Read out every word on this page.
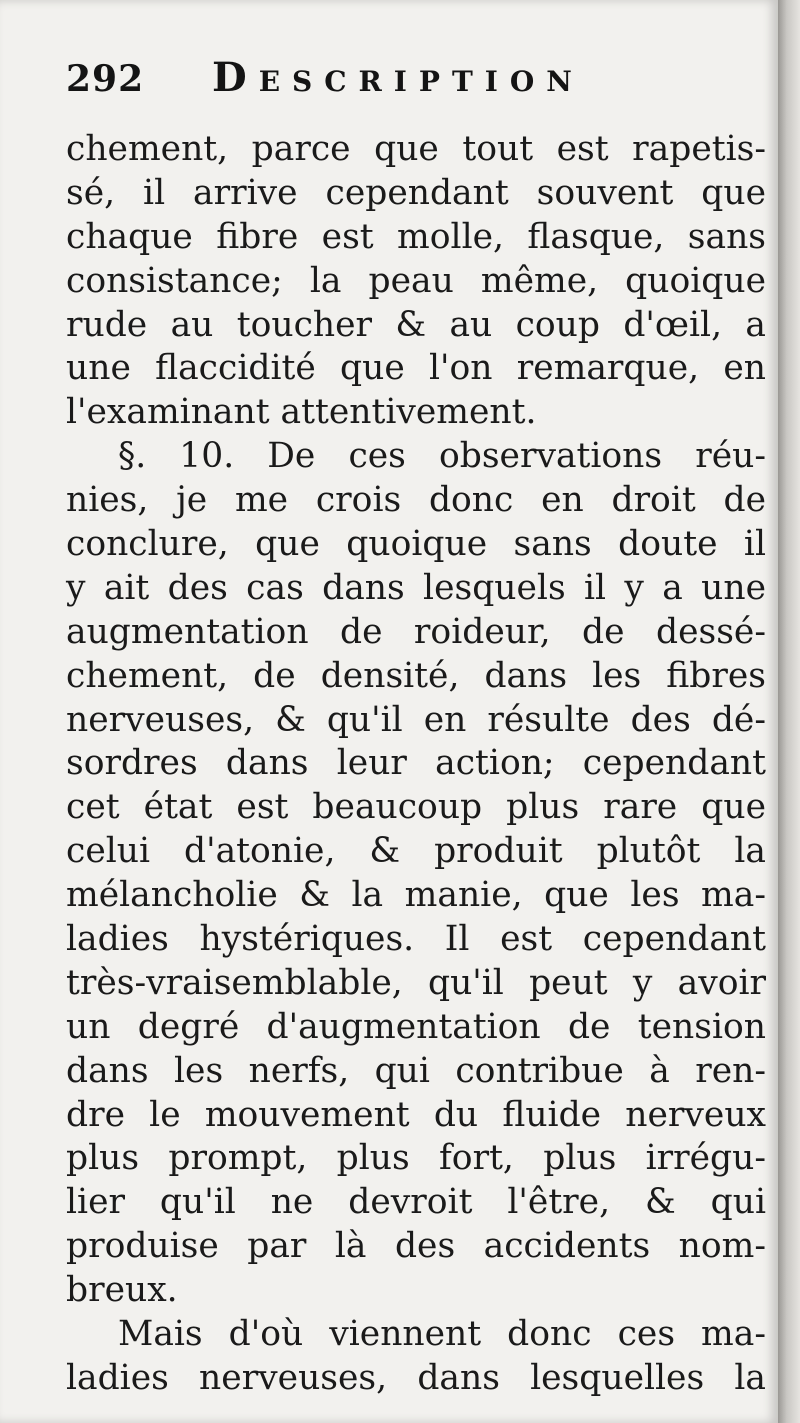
292 Description
chement, parce que tout est rapetis-
sé, il arrive cependant souvent que
chaque fibre est molle, flasque, sans
consistance; la peau même, quoique
rude au toucher & au coup d'œil, a
une flaccidité que l'on remarque, en
l'examinant attentivement.
§. 10. De ces observations réu-
nies, je me crois donc en droit de
conclure, que quoique sans doute il
y ait des cas dans lesquels il y a une
augmentation de roideur, de dessé-
chement, de densité, dans les fibres
nerveuses, & qu'il en résulte des dé-
sordres dans leur action; cependant
cet état est beaucoup plus rare que
celui d'atonie, & produit plutôt la
mélancholie & la manie, que les ma-
ladies hystériques. Il est cependant
très-vraisemblable, qu'il peut y avoir
un degré d'augmentation de tension
dans les nerfs, qui contribue à ren-
dre le mouvement du fluide nerveux
plus prompt, plus fort, plus irrégu-
lier qu'il ne devroit l'être, & qui
produise par là des accidents nom-
breux.
Mais d'où viennent donc ces ma-
ladies nerveuses, dans lesquelles la
